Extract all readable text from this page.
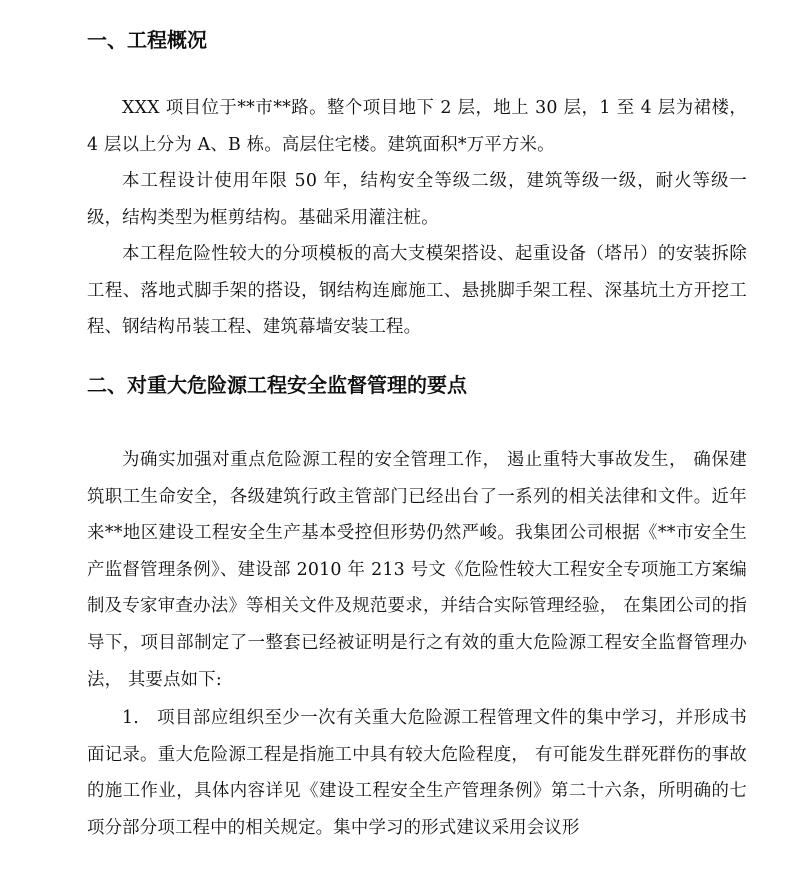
一、工程概况

XXX 项目位于**市**路。整个项目地下 2 层，地上 30 层，1 至 4 层为裙楼，4 层以上分为 A、B 栋。高层住宅楼。建筑面积*万平方米。

本工程设计使用年限 50 年，结构安全等级二级，建筑等级一级，耐火等级一级，结构类型为框剪结构。基础采用灌注桩。

本工程危险性较大的分项模板的高大支模架搭设、起重设备（塔吊）的安装拆除工程、落地式脚手架的搭设，钢结构连廊施工、悬挑脚手架工程、深基坑土方开挖工程、钢结构吊装工程、建筑幕墙安装工程。

二、对重大危险源工程安全监督管理的要点

为确实加强对重点危险源工程的安全管理工作， 遏止重特大事故发生， 确保建筑职工生命安全，各级建筑行政主管部门已经出台了一系列的相关法律和文件。近年来**地区建设工程安全生产基本受控但形势仍然严峻。我集团公司根据《**市安全生产监督管理条例》、建设部 2010 年 213 号文《危险性较大工程安全专项施工方案编制及专家审查办法》等相关文件及规范要求，并结合实际管理经验， 在集团公司的指导下，项目部制定了一整套已经被证明是行之有效的重大危险源工程安全监督管理办法， 其要点如下:

1.　项目部应组织至少一次有关重大危险源工程管理文件的集中学习，并形成书面记录。重大危险源工程是指施工中具有较大危险程度， 有可能发生群死群伤的事故的施工作业，具体内容详见《建设工程安全生产管理条例》第二十六条，所明确的七项分部分项工程中的相关规定。集中学习的形式建议采用会议形
